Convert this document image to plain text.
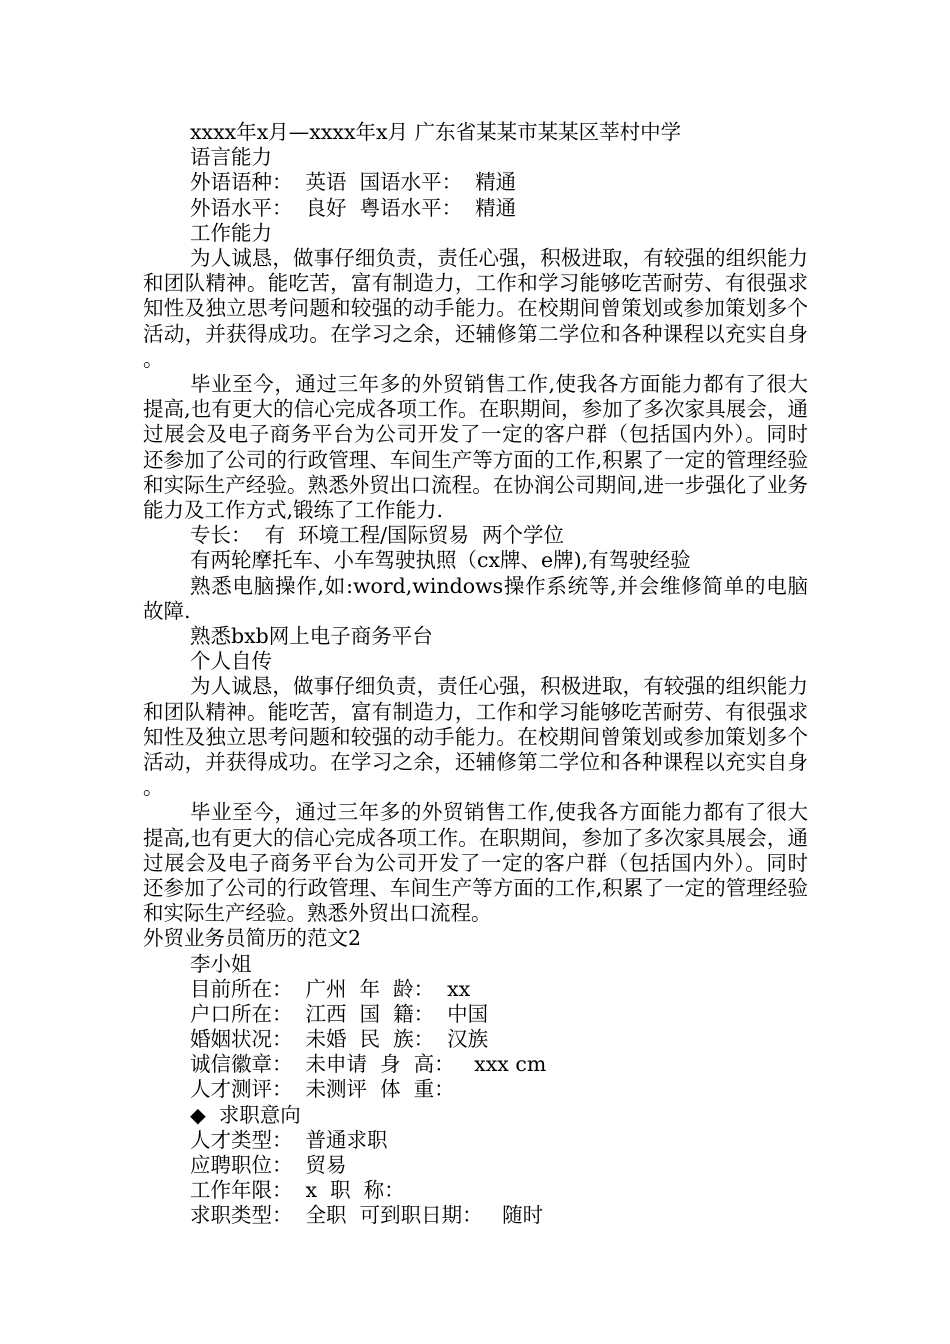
xxxx年x月—xxxx年x月 广东省某某市某某区莘村中学

语言能力

外语语种：  英语  国语水平：  精通

外语水平：  良好  粤语水平：  精通

工作能力

为人诚恳，做事仔细负责，责任心强，积极进取，有较强的组织能力和团队精神。能吃苦，富有制造力，工作和学习能够吃苦耐劳、有很强求知性及独立思考问题和较强的动手能力。在校期间曾策划或参加策划多个活动，并获得成功。在学习之余，还辅修第二学位和各种课程以充实自身。

毕业至今，通过三年多的外贸销售工作,使我各方面能力都有了很大提高,也有更大的信心完成各项工作。在职期间，参加了多次家具展会，通过展会及电子商务平台为公司开发了一定的客户群（包括国内外）。同时还参加了公司的行政管理、车间生产等方面的工作,积累了一定的管理经验和实际生产经验。熟悉外贸出口流程。在协润公司期间,进一步强化了业务能力及工作方式,锻练了工作能力.

专长：  有  环境工程/国际贸易  两个学位

有两轮摩托车、小车驾驶执照（cx牌、e牌),有驾驶经验

熟悉电脑操作,如:word,windows操作系统等,并会维修简单的电脑故障.

熟悉bxb网上电子商务平台

个人自传

为人诚恳，做事仔细负责，责任心强，积极进取，有较强的组织能力和团队精神。能吃苦，富有制造力，工作和学习能够吃苦耐劳、有很强求知性及独立思考问题和较强的动手能力。在校期间曾策划或参加策划多个活动，并获得成功。在学习之余，还辅修第二学位和各种课程以充实自身。

毕业至今，通过三年多的外贸销售工作,使我各方面能力都有了很大提高,也有更大的信心完成各项工作。在职期间，参加了多次家具展会，通过展会及电子商务平台为公司开发了一定的客户群（包括国内外）。同时还参加了公司的行政管理、车间生产等方面的工作,积累了一定的管理经验和实际生产经验。熟悉外贸出口流程。

外贸业务员简历的范文2

李小姐

目前所在：  广州  年  龄：  xx

户口所在：  江西  国  籍：  中国

婚姻状况：  未婚  民  族：  汉族

诚信徽章：  未申请  身  高：   xxx cm

人才测评：  未测评  体  重：

◆  求职意向

人才类型：  普通求职

应聘职位：  贸易

工作年限：  x  职  称：

求职类型：  全职  可到职日期：   随时
